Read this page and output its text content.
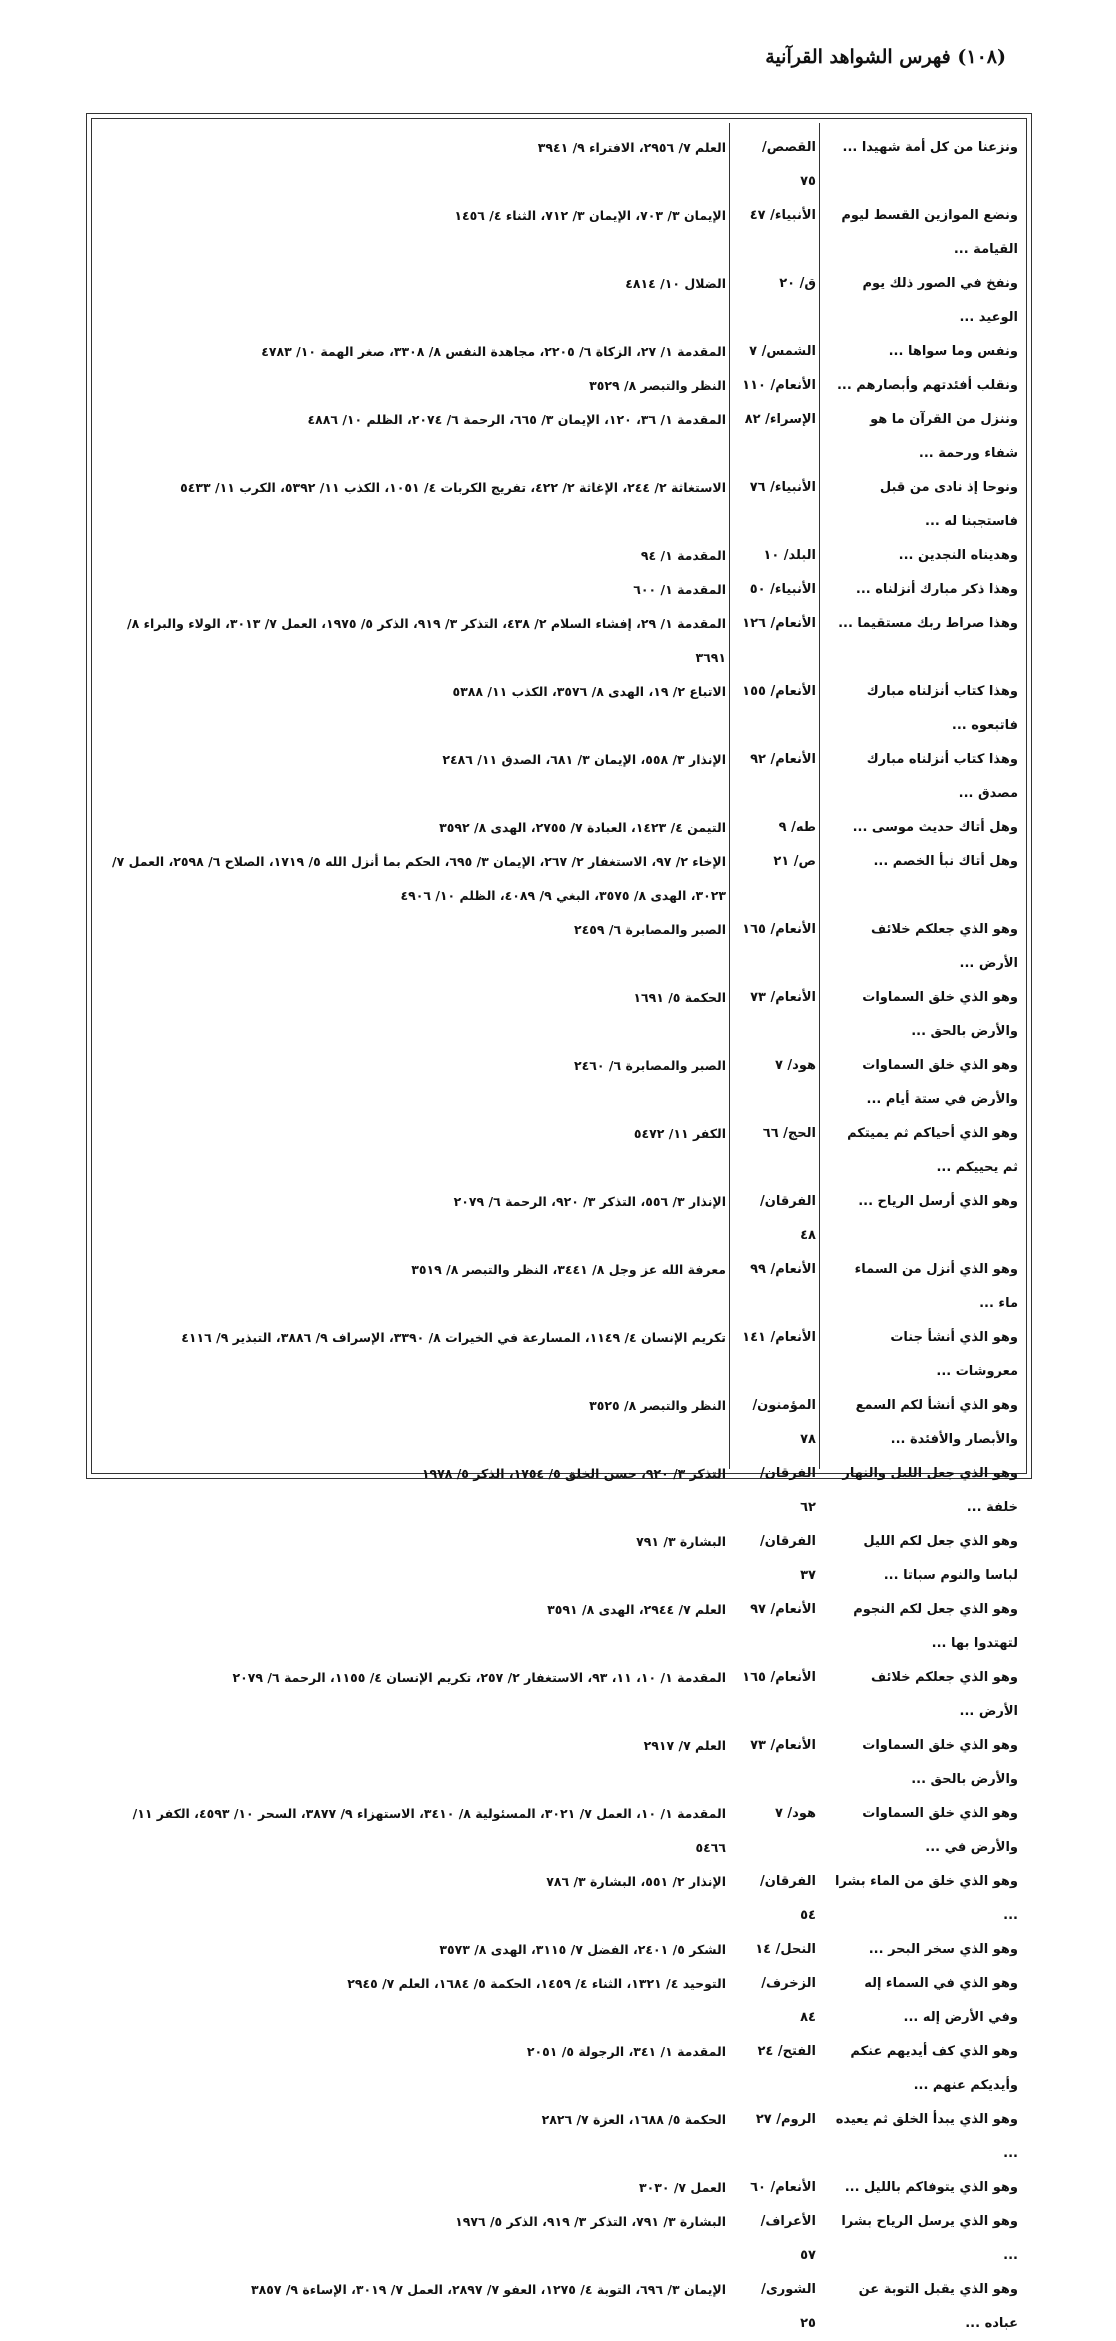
(١٠٨) فهرس الشواهد القرآنية
ونزعنا من كل أمة شهيدا ...	القصص/ ٧٥	العلم ٧/ ٢٩٥٦، الافتراء ٩/ ٣٩٤١
ونضع الموازين القسط ليوم القيامة ...	الأنبياء/ ٤٧	الإيمان ٣/ ٧٠٣، الإيمان ٣/ ٧١٢، الثناء ٤/ ١٤٥٦
ونفخ في الصور ذلك يوم الوعيد ...	ق/ ٢٠	الضلال ١٠/ ٤٨١٤
ونفس وما سواها ...	الشمس/ ٧	المقدمة ١/ ٢٧، الزكاة ٦/ ٢٢٠٥، مجاهدة النفس ٨/ ٣٣٠٨، صغر الهمة ١٠/ ٤٧٨٣
ونقلب أفئدتهم وأبصارهم ...	الأنعام/ ١١٠	النظر والتبصر ٨/ ٣٥٢٩
وننزل من القرآن ما هو شفاء ورحمة ...	الإسراء/ ٨٢	المقدمة ١/ ٣٦، ١٢٠، الإيمان ٣/ ٦٦٥، الرحمة ٦/ ٢٠٧٤، الظلم ١٠/ ٤٨٨٦
ونوحا إذ نادى من قبل فاستجبنا له ...	الأنبياء/ ٧٦	الاستغاثة ٢/ ٢٤٤، الإغاثة ٢/ ٤٢٢، تفريج الكربات ٤/ ١٠٥١، الكذب ١١/ ٥٣٩٢، الكرب ١١/ ٥٤٣٣
وهديناه النجدين ...	البلد/ ١٠	المقدمة ١/ ٩٤
وهذا ذكر مبارك أنزلناه ...	الأنبياء/ ٥٠	المقدمة ١/ ٦٠٠
وهذا صراط ربك مستقيما ...	الأنعام/ ١٢٦	المقدمة ١/ ٢٩، إفشاء السلام ٢/ ٤٣٨، التذكر ٣/ ٩١٩، الذكر ٥/ ١٩٧٥، العمل ٧/ ٣٠١٣، الولاء والبراء ٨/ ٣٦٩١
وهذا كتاب أنزلناه مبارك فاتبعوه ...	الأنعام/ ١٥٥	الاتباع ٢/ ١٩، الهدى ٨/ ٣٥٧٦، الكذب ١١/ ٥٣٨٨
وهذا كتاب أنزلناه مبارك مصدق ...	الأنعام/ ٩٢	الإنذار ٣/ ٥٥٨، الإيمان ٣/ ٦٨١، الصدق ١١/ ٢٤٨٦
وهل أتاك حديث موسى ...	طه/ ٩	التيمن ٤/ ١٤٢٣، العبادة ٧/ ٢٧٥٥، الهدى ٨/ ٣٥٩٢
وهل أتاك نبأ الخصم ...	ص/ ٢١	الإخاء ٢/ ٩٧، الاستغفار ٢/ ٢٦٧، الإيمان ٣/ ٦٩٥، الحكم بما أنزل الله ٥/ ١٧١٩، الصلاح ٦/ ٢٥٩٨، العمل ٧/ ٣٠٢٣، الهدى ٨/ ٣٥٧٥، البغي ٩/ ٤٠٨٩، الظلم ١٠/ ٤٩٠٦
وهو الذي جعلكم خلائف الأرض ...	الأنعام/ ١٦٥	الصبر والمصابرة ٦/ ٢٤٥٩
وهو الذي خلق السماوات والأرض بالحق ...	الأنعام/ ٧٣	الحكمة ٥/ ١٦٩١
وهو الذي خلق السماوات والأرض في ستة أيام ...	هود/ ٧	الصبر والمصابرة ٦/ ٢٤٦٠
وهو الذي أحياكم ثم يميتكم ثم يحييكم ...	الحج/ ٦٦	الكفر ١١/ ٥٤٧٢
وهو الذي أرسل الرياح ...	الفرقان/ ٤٨	الإنذار ٣/ ٥٥٦، التذكر ٣/ ٩٢٠، الرحمة ٦/ ٢٠٧٩
وهو الذي أنزل من السماء ماء ...	الأنعام/ ٩٩	معرفة الله عز وجل ٨/ ٣٤٤١، النظر والتبصر ٨/ ٣٥١٩
وهو الذي أنشأ جنات معروشات ...	الأنعام/ ١٤١	تكريم الإنسان ٤/ ١١٤٩، المسارعة في الخيرات ٨/ ٣٣٩٠، الإسراف ٩/ ٣٨٨٦، التبذير ٩/ ٤١١٦
وهو الذي أنشأ لكم السمع والأبصار والأفئدة ...	المؤمنون/ ٧٨	النظر والتبصر ٨/ ٣٥٢٥
وهو الذي جعل الليل والنهار خلفة ...	الفرقان/ ٦٢	التذكر ٣/ ٩٢٠، حسن الخلق ٥/ ١٧٥٤، الذكر ٥/ ١٩٧٨
وهو الذي جعل لكم الليل لباسا والنوم سباتا ...	الفرقان/ ٣٧	البشارة ٣/ ٧٩١
وهو الذي جعل لكم النجوم لتهتدوا بها ...	الأنعام/ ٩٧	العلم ٧/ ٢٩٤٤، الهدى ٨/ ٣٥٩١
وهو الذي جعلكم خلائف الأرض ...	الأنعام/ ١٦٥	المقدمة ١/ ١٠، ١١، ٩٣، الاستغفار ٢/ ٢٥٧، تكريم الإنسان ٤/ ١١٥٥، الرحمة ٦/ ٢٠٧٩
وهو الذي خلق السماوات والأرض بالحق ...	الأنعام/ ٧٣	العلم ٧/ ٢٩١٧
وهو الذي خلق السماوات والأرض في ...	هود/ ٧	المقدمة ١/ ١٠، العمل ٧/ ٣٠٢١، المسئولية ٨/ ٣٤١٠، الاستهزاء ٩/ ٣٨٧٧، السحر ١٠/ ٤٥٩٣، الكفر ١١/ ٥٤٦٦
وهو الذي خلق من الماء بشرا ...	الفرقان/ ٥٤	الإنذار ٢/ ٥٥١، البشارة ٣/ ٧٨٦
وهو الذي سخر البحر ...	النحل/ ١٤	الشكر ٥/ ٢٤٠١، الفضل ٧/ ٣١١٥، الهدى ٨/ ٣٥٧٣
وهو الذي في السماء إله وفي الأرض إله ...	الزخرف/ ٨٤	التوحيد ٤/ ١٣٢١، الثناء ٤/ ١٤٥٩، الحكمة ٥/ ١٦٨٤، العلم ٧/ ٢٩٤٥
وهو الذي كف أيديهم عنكم وأيديكم عنهم ...	الفتح/ ٢٤	المقدمة ١/ ٣٤١، الرجولة ٥/ ٢٠٥١
وهو الذي يبدأ الخلق ثم يعيده ...	الروم/ ٢٧	الحكمة ٥/ ١٦٨٨، العزة ٧/ ٢٨٢٦
وهو الذي يتوفاكم بالليل ...	الأنعام/ ٦٠	العمل ٧/ ٣٠٣٠
وهو الذي يرسل الرياح بشرا ...	الأعراف/ ٥٧	البشارة ٣/ ٧٩١، التذكر ٣/ ٩١٩، الذكر ٥/ ١٩٧٦
وهو الذي يقبل التوبة عن عباده ...	الشورى/ ٢٥	الإيمان ٣/ ٦٩٦، التوبة ٤/ ١٢٧٥، العفو ٧/ ٢٨٩٧، العمل ٧/ ٣٠١٩، الإساءة ٩/ ٣٨٥٧
